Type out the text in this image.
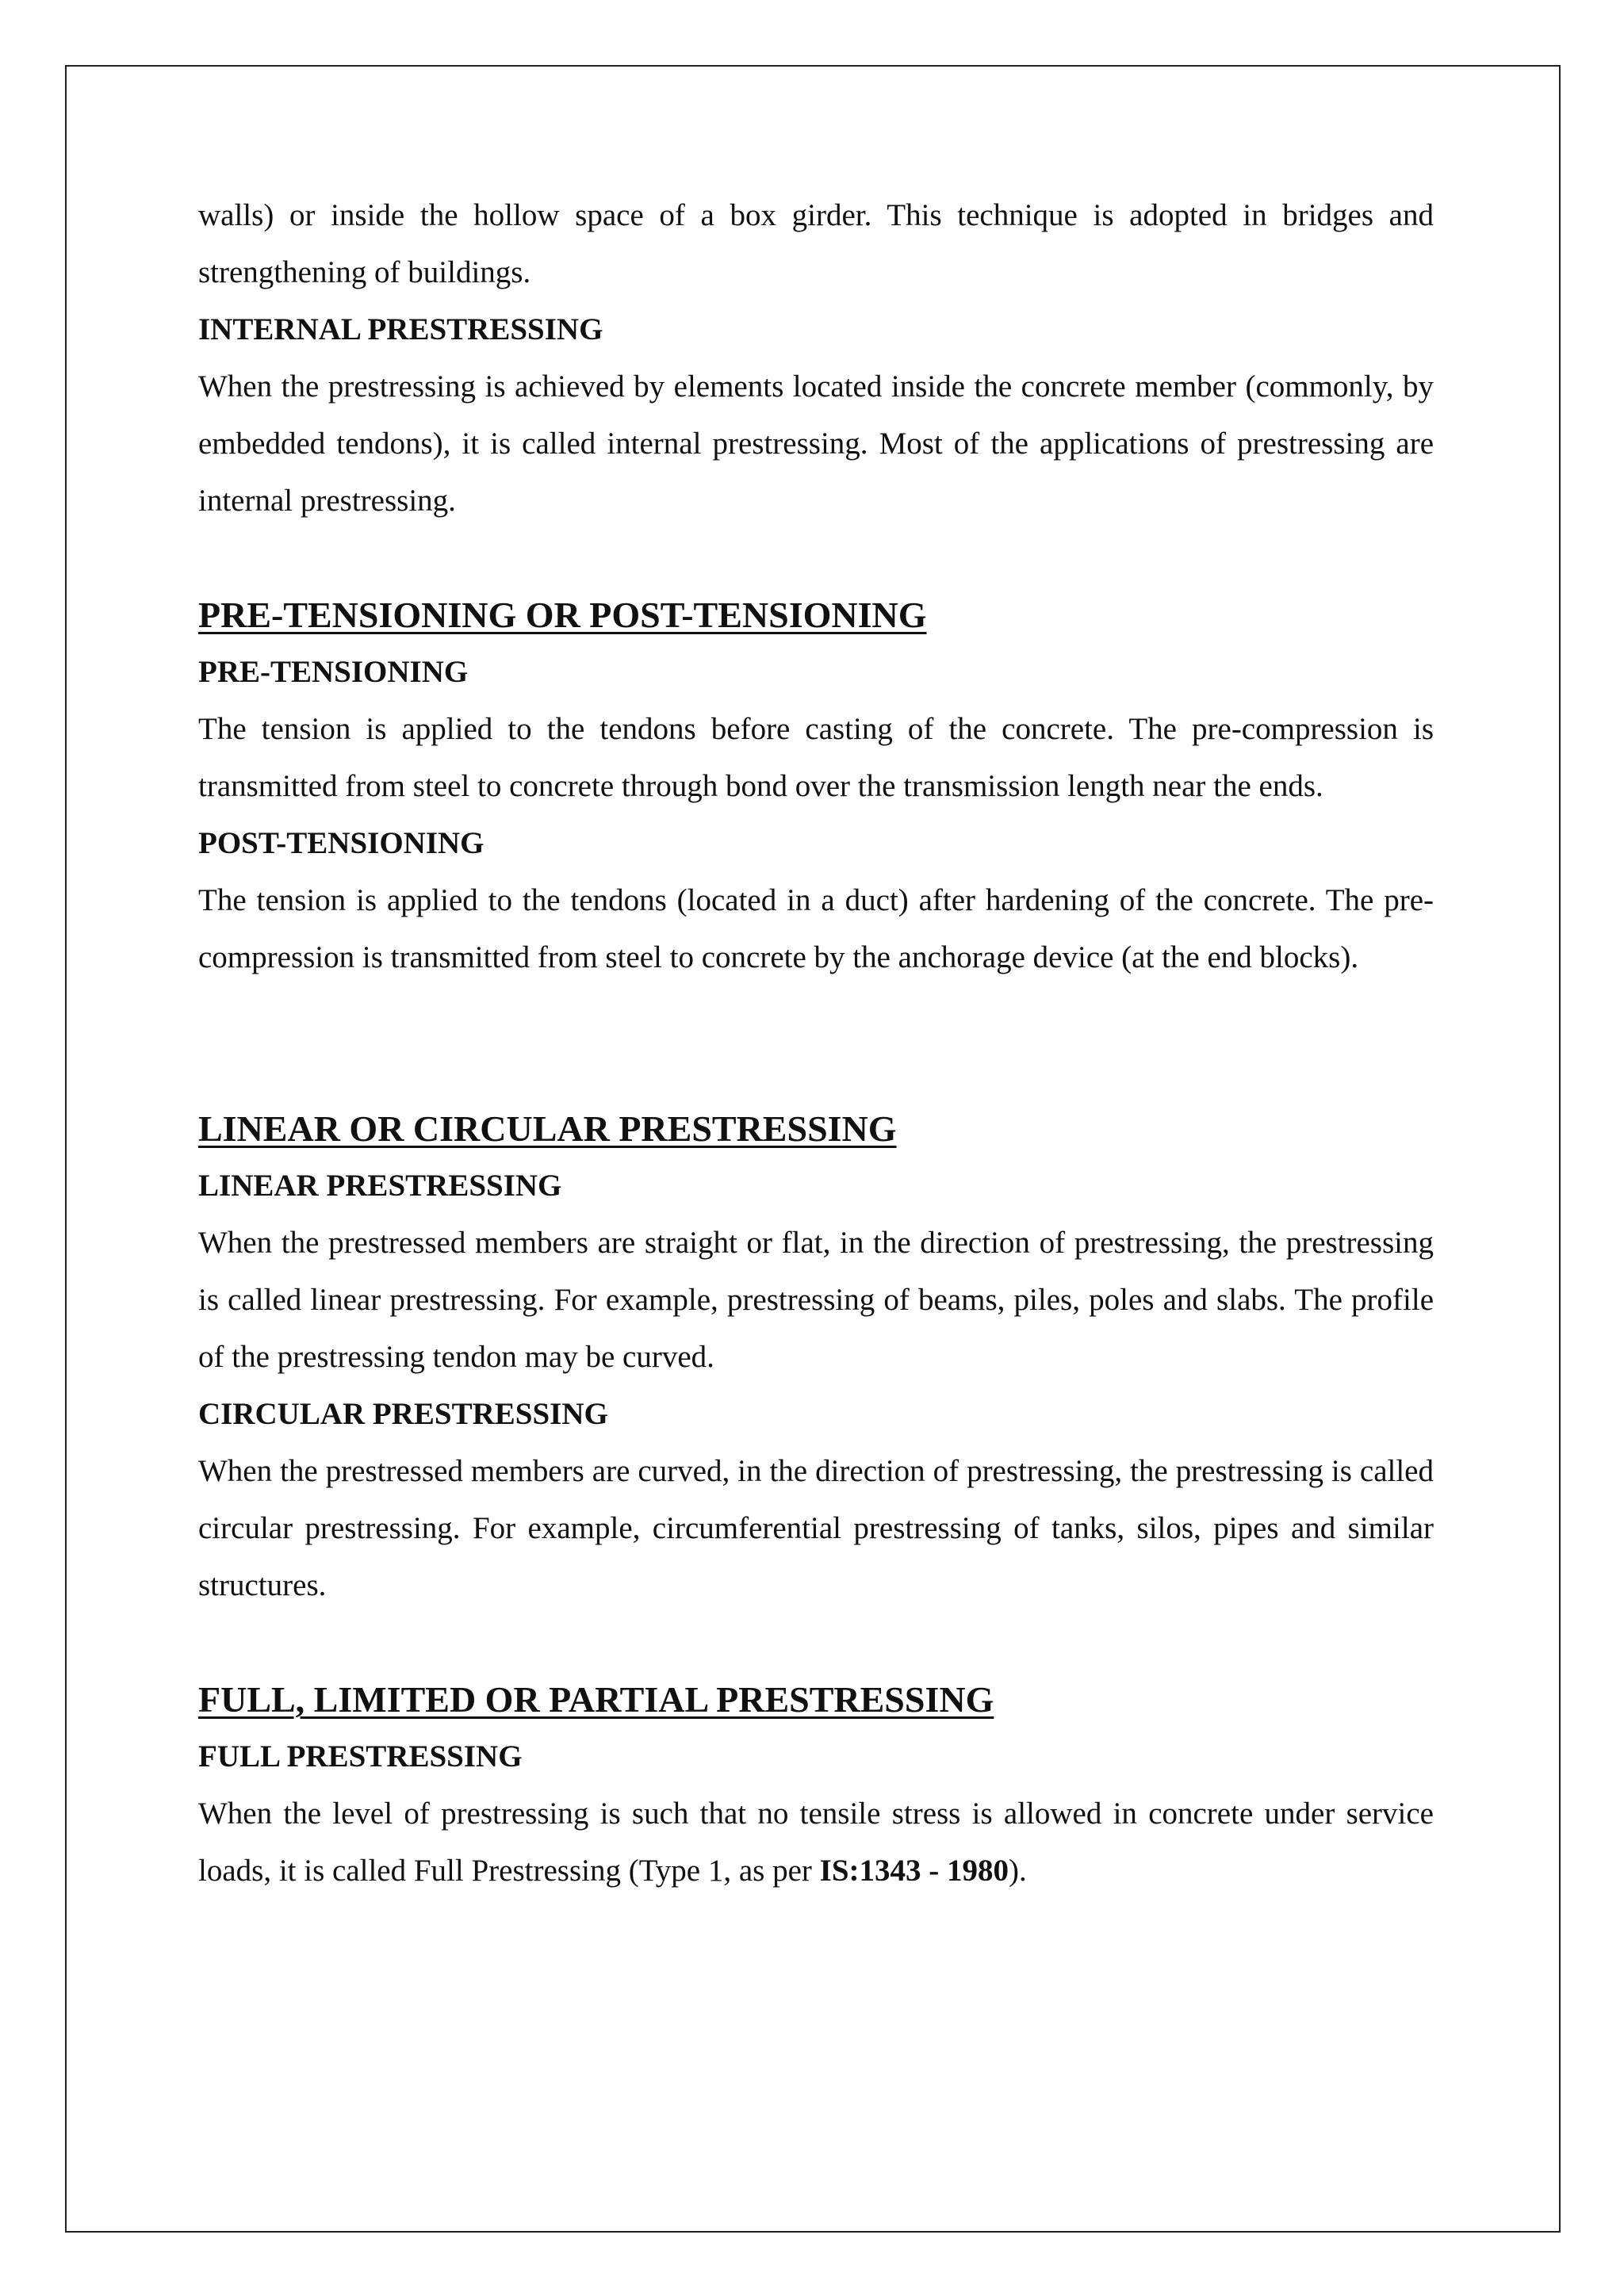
walls) or inside the hollow space of a box girder. This technique is adopted in bridges and strengthening of buildings.

INTERNAL PRESTRESSING

When the prestressing is achieved by elements located inside the concrete member (commonly, by embedded tendons), it is called internal prestressing. Most of the applications of prestressing are internal prestressing.

PRE-TENSIONING OR POST-TENSIONING
PRE-TENSIONING

The tension is applied to the tendons before casting of the concrete. The pre-compression is transmitted from steel to concrete through bond over the transmission length near the ends.

POST-TENSIONING

The tension is applied to the tendons (located in a duct) after hardening of the concrete. The pre-compression is transmitted from steel to concrete by the anchorage device (at the end blocks).

LINEAR OR CIRCULAR PRESTRESSING
LINEAR PRESTRESSING

When the prestressed members are straight or flat, in the direction of prestressing, the prestressing is called linear prestressing. For example, prestressing of beams, piles, poles and slabs. The profile of the prestressing tendon may be curved.

CIRCULAR PRESTRESSING

When the prestressed members are curved, in the direction of prestressing, the prestressing is called circular prestressing. For example, circumferential prestressing of tanks, silos, pipes and similar structures.

FULL, LIMITED OR PARTIAL PRESTRESSING
FULL PRESTRESSING

When the level of prestressing is such that no tensile stress is allowed in concrete under service loads, it is called Full Prestressing (Type 1, as per IS:1343 - 1980).
